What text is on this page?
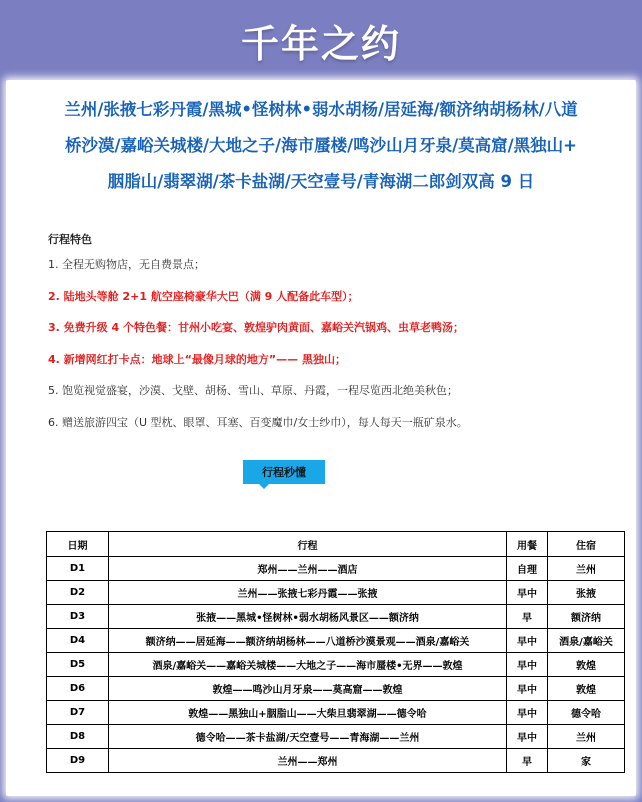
千年之约
兰州/张掖七彩丹霞/黑城•怪树林•弱水胡杨/居延海/额济纳胡杨林/八道
桥沙漠/嘉峪关城楼/大地之子/海市蜃楼/鸣沙山月牙泉/莫高窟/黑独山+
胭脂山/翡翠湖/茶卡盐湖/天空壹号/青海湖二郎剑双高 9 日
行程特色
1. 全程无购物店，无自费景点；
2. 陆地头等舱 2+1 航空座椅豪华大巴（满 9 人配备此车型）；
3. 免费升级 4 个特色餐：甘州小吃宴、敦煌驴肉黄面、嘉峪关汽锅鸡、虫草老鸭汤；
4. 新增网红打卡点：地球上“最像月球的地方”—— 黑独山；
5. 饱览视觉盛宴，沙漠、戈壁、胡杨、雪山、草原、丹霞，一程尽览西北绝美秋色；
6. 赠送旅游四宝（U 型枕、眼罩、耳塞、百变魔巾/女士纱巾），每人每天一瓶矿泉水。
行程秒懂
日期	行程	用餐	住宿
D1	郑州——兰州——酒店	自理	兰州
D2	兰州——张掖七彩丹霞——张掖	早中	张掖
D3	张掖——黑城•怪树林•弱水胡杨风景区——额济纳	早	额济纳
D4	额济纳——居延海——额济纳胡杨林——八道桥沙漠景观——酒泉/嘉峪关	早中	酒泉/嘉峪关
D5	酒泉/嘉峪关——嘉峪关城楼——大地之子——海市蜃楼•无界——敦煌	早中	敦煌
D6	敦煌——鸣沙山月牙泉——莫高窟——敦煌	早中	敦煌
D7	敦煌——黑独山+胭脂山——大柴旦翡翠湖——德令哈	早中	德令哈
D8	德令哈——茶卡盐湖/天空壹号——青海湖——兰州	早中	兰州
D9	兰州——郑州	早	家
